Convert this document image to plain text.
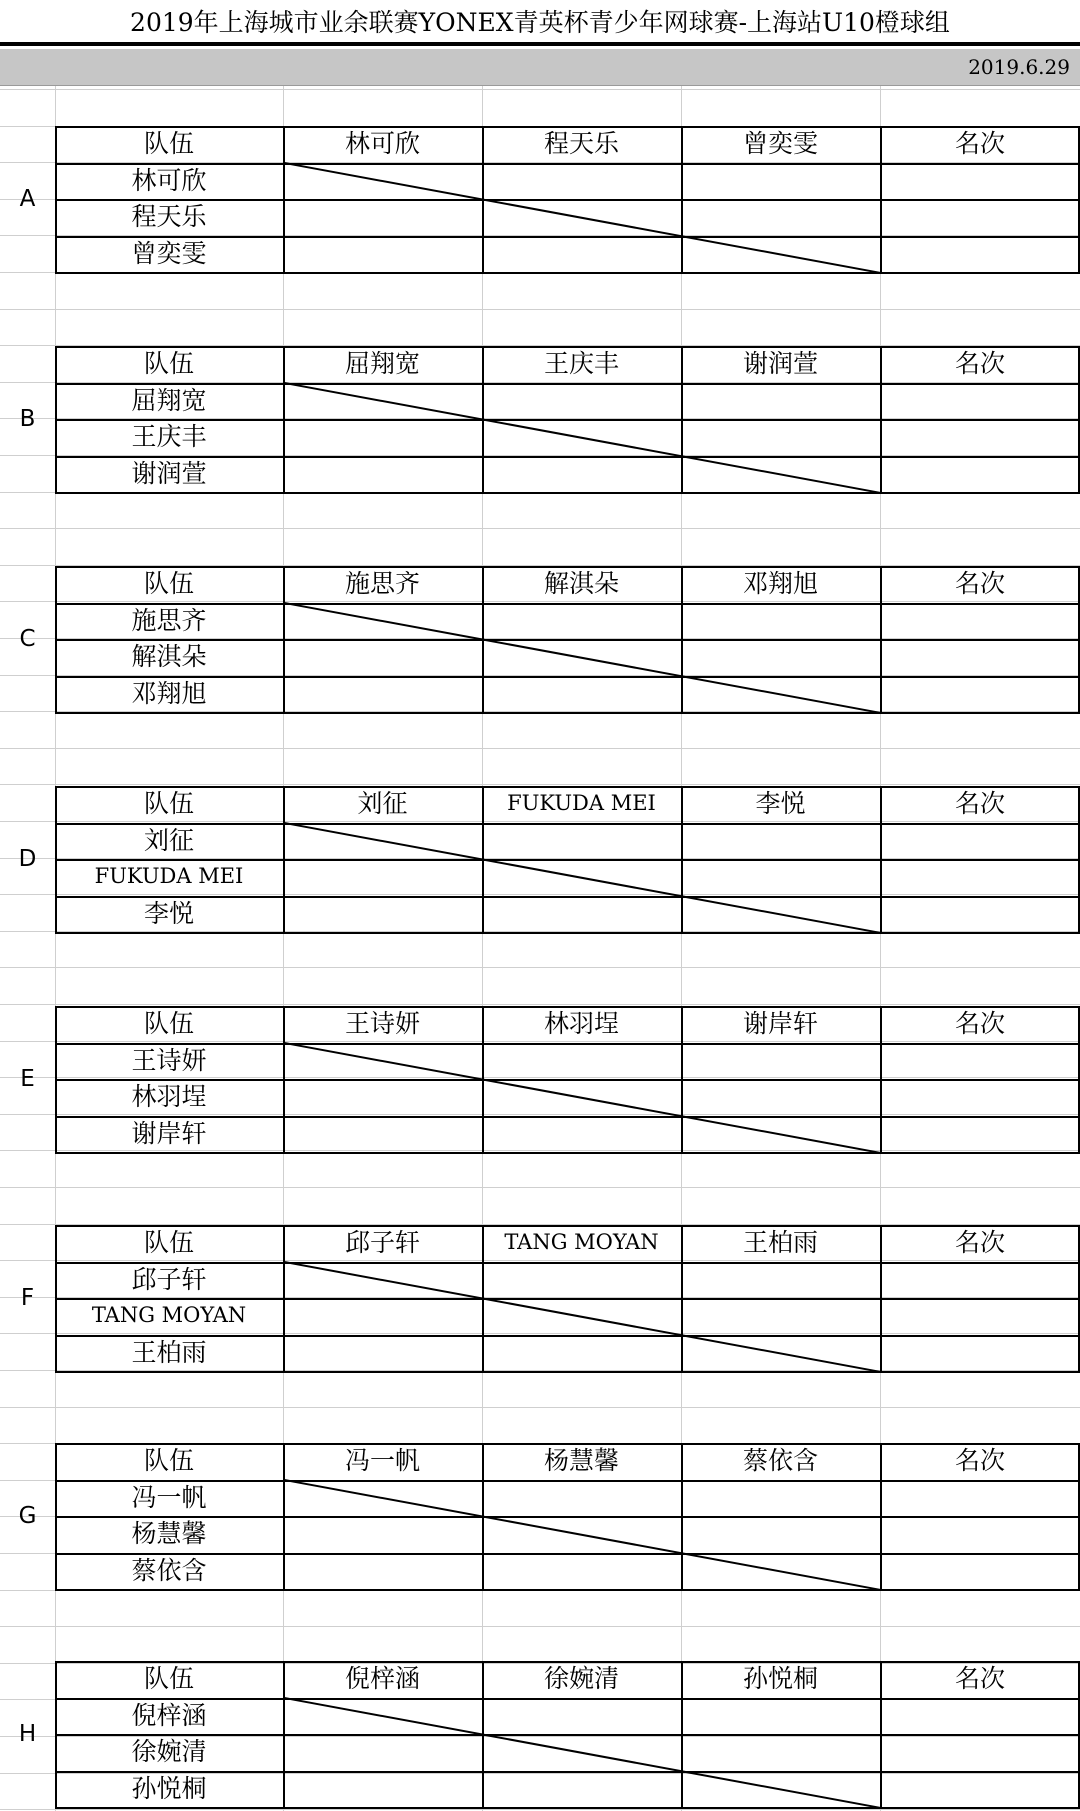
2019年上海城市业余联赛YONEX青英杯青少年网球赛-上海站U10橙球组
2019.6.29
A
队伍	林可欣	程天乐	曾奕雯	名次
林可欣
程天乐
曾奕雯
B
队伍	屈翔宽	王庆丰	谢润萱	名次
屈翔宽
王庆丰
谢润萱
C
队伍	施思齐	解淇朵	邓翔旭	名次
施思齐
解淇朵
邓翔旭
D
队伍	刘征	FUKUDA MEI	李悦	名次
刘征
FUKUDA MEI
李悦
E
队伍	王诗妍	林羽埕	谢岸轩	名次
王诗妍
林羽埕
谢岸轩
F
队伍	邱子轩	TANG MOYAN	王柏雨	名次
邱子轩
TANG MOYAN
王柏雨
G
队伍	冯一帆	杨慧馨	蔡依含	名次
冯一帆
杨慧馨
蔡依含
H
队伍	倪梓涵	徐婉清	孙悦桐	名次
倪梓涵
徐婉清
孙悦桐
